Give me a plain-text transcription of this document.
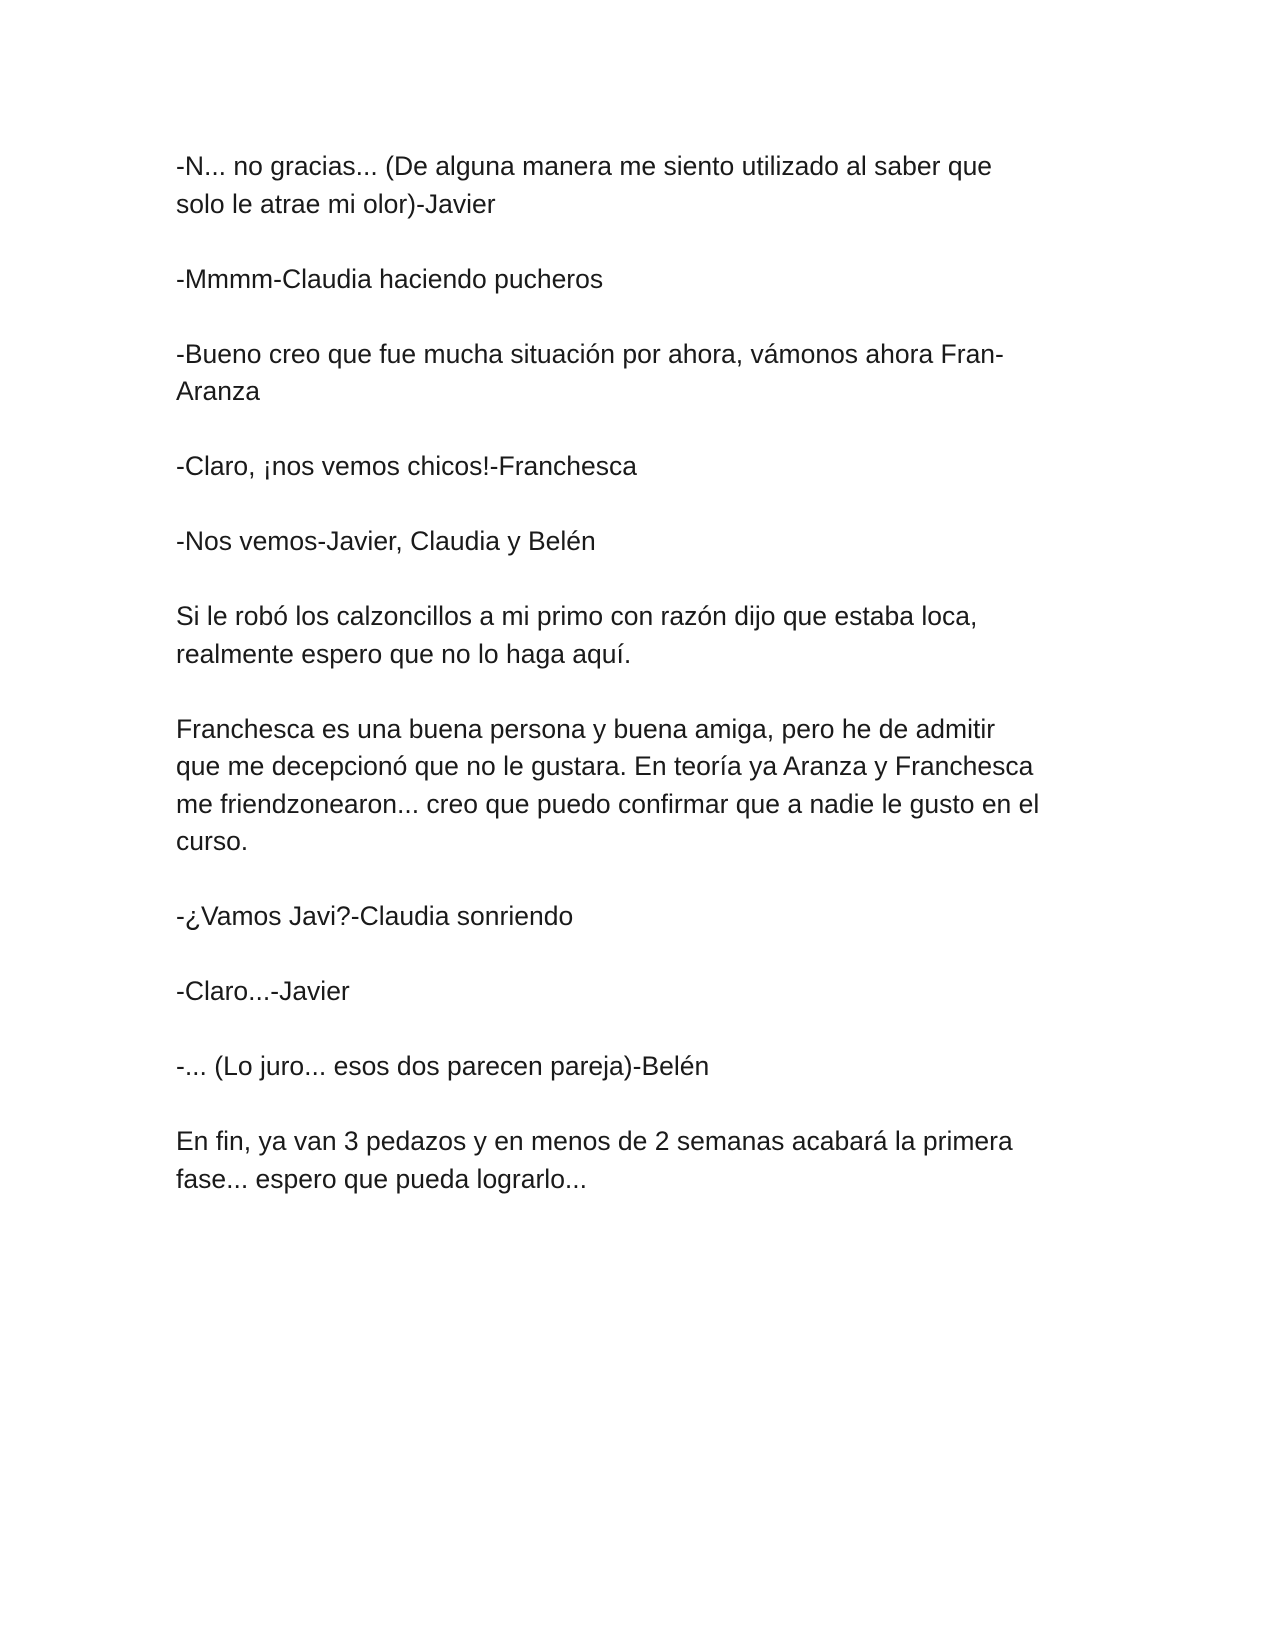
-N... no gracias... (De alguna manera me siento utilizado al saber que
solo le atrae mi olor)-Javier

-Mmmm-Claudia haciendo pucheros

-Bueno creo que fue mucha situación por ahora, vámonos ahora Fran-
Aranza

-Claro, ¡nos vemos chicos!-Franchesca

-Nos vemos-Javier, Claudia y Belén

Si le robó los calzoncillos a mi primo con razón dijo que estaba loca,
realmente espero que no lo haga aquí.

Franchesca es una buena persona y buena amiga, pero he de admitir
que me decepcionó que no le gustara. En teoría ya Aranza y Franchesca
me friendzonearon... creo que puedo confirmar que a nadie le gusto en el
curso.

-¿Vamos Javi?-Claudia sonriendo

-Claro...-Javier

-... (Lo juro... esos dos parecen pareja)-Belén

En fin, ya van 3 pedazos y en menos de 2 semanas acabará la primera
fase... espero que pueda lograrlo...
